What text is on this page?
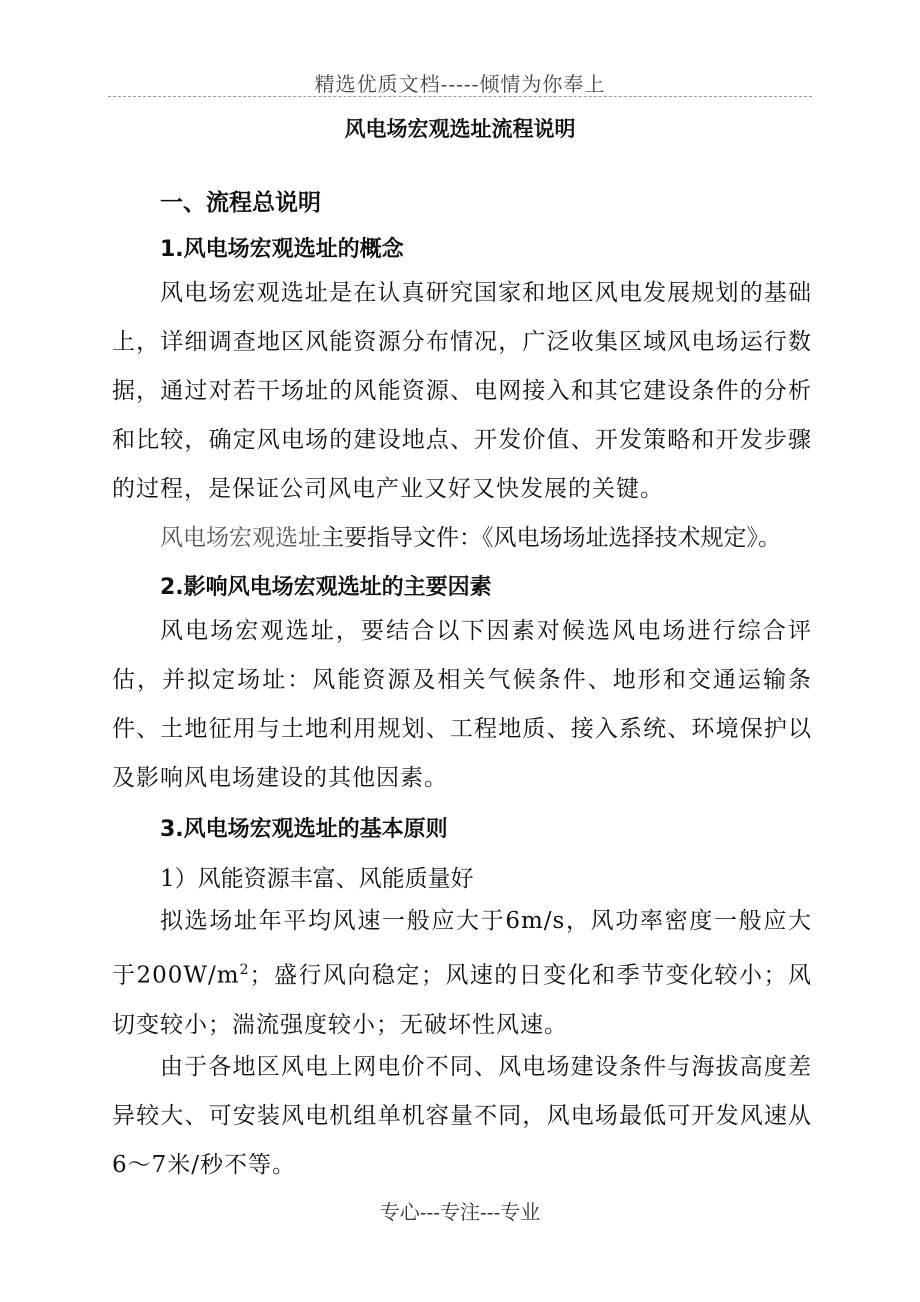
精选优质文档-----倾情为你奉上
风电场宏观选址流程说明
一、流程总说明
1.风电场宏观选址的概念

风电场宏观选址是在认真研究国家和地区风电发展规划的基础上，详细调查地区风能资源分布情况，广泛收集区域风电场运行数据，通过对若干场址的风能资源、电网接入和其它建设条件的分析和比较，确定风电场的建设地点、开发价值、开发策略和开发步骤的过程，是保证公司风电产业又好又快发展的关键。

风电场宏观选址主要指导文件：《风电场场址选择技术规定》。

2.影响风电场宏观选址的主要因素

风电场宏观选址，要结合以下因素对候选风电场进行综合评估，并拟定场址：风能资源及相关气候条件、地形和交通运输条件、土地征用与土地利用规划、工程地质、接入系统、环境保护以及影响风电场建设的其他因素。

3.风电场宏观选址的基本原则
1）风能资源丰富、风能质量好

拟选场址年平均风速一般应大于6m/s，风功率密度一般应大于$200W/m^2$；盛行风向稳定；风速的日变化和季节变化较小；风切变较小；湍流强度较小；无破坏性风速。

由于各地区风电上网电价不同、风电场建设条件与海拔高度差异较大、可安装风电机组单机容量不同，风电场最低可开发风速从6～7米/秒不等。

专心---专注---专业
